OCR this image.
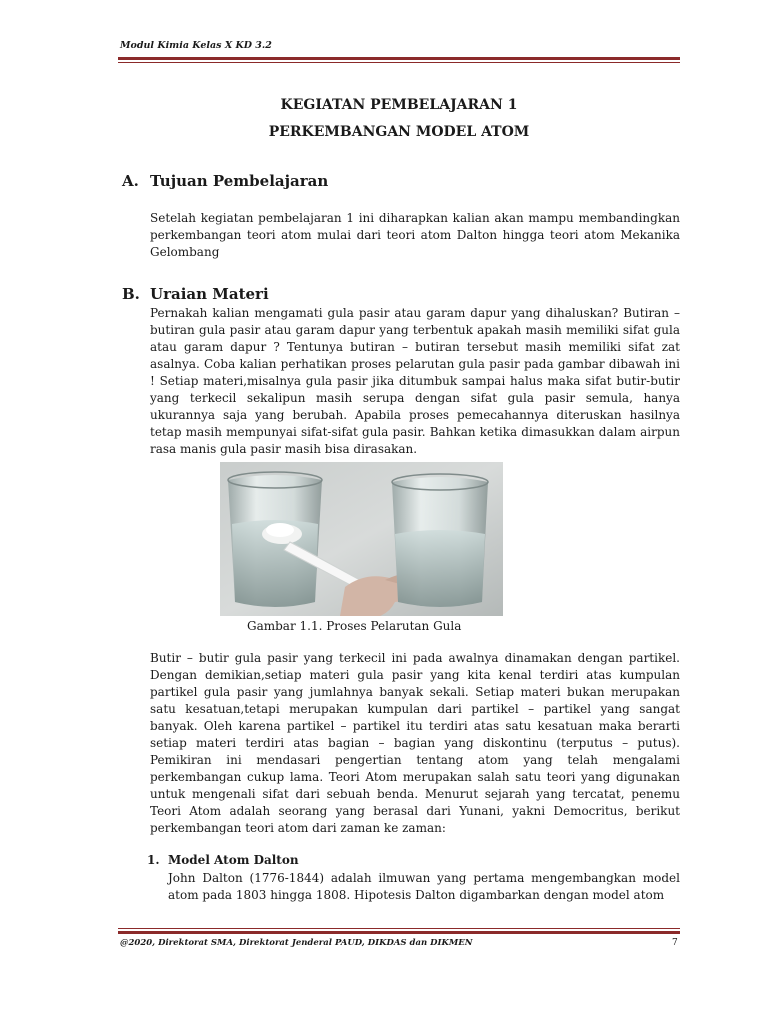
Modul Kimia Kelas X KD 3.2
KEGIATAN PEMBELAJARAN 1
PERKEMBANGAN MODEL ATOM
A. Tujuan Pembelajaran

Setelah kegiatan pembelajaran 1 ini diharapkan kalian akan mampu membandingkan perkembangan teori atom mulai dari teori atom Dalton hingga teori atom Mekanika Gelombang

B. Uraian Materi

Pernakah kalian mengamati gula pasir atau garam dapur yang dihaluskan? Butiran – butiran gula pasir atau garam dapur yang terbentuk apakah masih memiliki sifat gula atau garam dapur ? Tentunya butiran – butiran tersebut masih memiliki sifat zat asalnya. Coba kalian perhatikan proses pelarutan gula pasir pada gambar dibawah ini ! Setiap materi,misalnya gula pasir jika ditumbuk sampai halus maka sifat butir-butir yang terkecil sekalipun masih serupa dengan sifat gula pasir semula, hanya ukurannya saja yang berubah. Apabila proses pemecahannya diteruskan hasilnya tetap masih mempunyai sifat-sifat gula pasir. Bahkan ketika dimasukkan dalam airpun rasa manis gula pasir masih bisa dirasakan.

Gambar 1.1. Proses Pelarutan Gula

Butir – butir gula pasir yang terkecil ini pada awalnya dinamakan dengan partikel. Dengan demikian,setiap materi gula pasir yang kita kenal terdiri atas kumpulan partikel gula pasir yang jumlahnya banyak sekali. Setiap materi bukan merupakan satu kesatuan,tetapi merupakan kumpulan dari partikel – partikel yang sangat banyak. Oleh karena partikel – partikel itu terdiri atas satu kesatuan maka berarti setiap materi terdiri atas bagian – bagian yang diskontinu (terputus – putus). Pemikiran ini mendasari pengertian tentang atom yang telah mengalami perkembangan cukup lama. Teori Atom merupakan salah satu teori yang digunakan untuk mengenali sifat dari sebuah benda. Menurut sejarah yang tercatat, penemu Teori Atom adalah seorang yang berasal dari Yunani, yakni Democritus, berikut perkembangan teori atom dari zaman ke zaman:

1. Model Atom Dalton

John Dalton (1776-1844) adalah ilmuwan yang pertama mengembangkan model atom pada 1803 hingga 1808. Hipotesis Dalton digambarkan dengan model atom

@2020, Direktorat SMA, Direktorat Jenderal PAUD, DIKDAS dan DIKMEN	7
